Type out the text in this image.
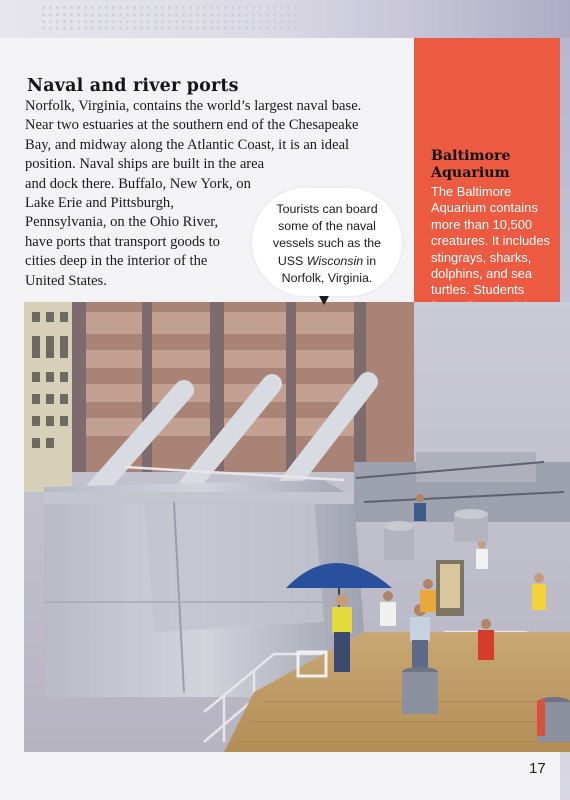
Naval and river ports

Norfolk, Virginia, contains the world’s largest naval base.
Near two estuaries at the southern end of the Chesapeake
Bay, and midway along the Atlantic Coast, it is an ideal
position. Naval ships are built in the area
and dock there. Buffalo, New York, on
Lake Erie and Pittsburgh,
Pennsylvania, on the Ohio River,
have ports that transport goods to
cities deep in the interior of the
United States.

Baltimore
Aquarium

The Baltimore Aquarium contains more than 10,500 creatures. It includes stingrays, sharks, dolphins, and sea turtles. Students

Tourists can board some of the naval vessels such as the USS Wisconsin in Norfolk, Virginia.

17
